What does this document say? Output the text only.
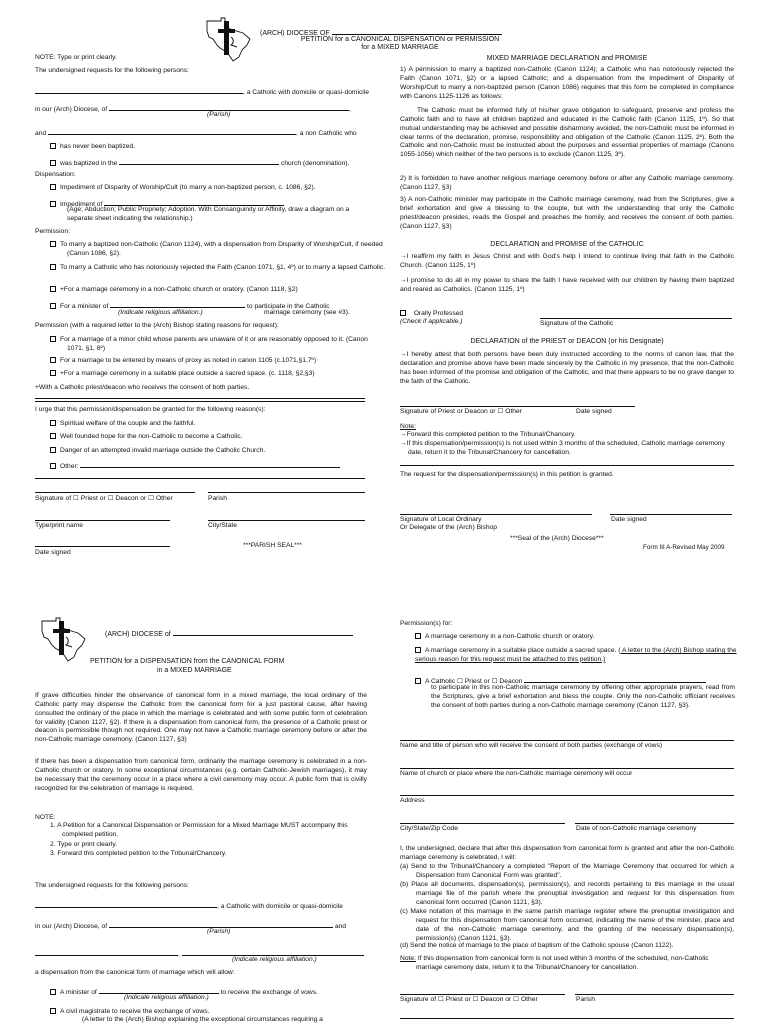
(ARCH) DIOCESE OF
PETITION for a CANONICAL DISPENSATION or PERMISSION
for a MIXED MARRIAGE
NOTE: Type or print clearly.
The undersigned requests for the following persons:
, a Catholic with domicile or quasi-domicile
in our (Arch) Diocese, of	,
(Parish)
and	, a non Catholic who
has never been baptized.
was baptized in the	church (denomination).
Dispensation:
Impediment of Disparity of Worship/Cult (to marry a non-baptized person, c. 1086, §2).
Impediment of
(Age; Abduction; Public Propriety; Adoption. With Consanguinity or Affinity, draw a diagram on a separate sheet indicating the relationship.)
Permission:
To marry a baptized non-Catholic (Canon 1124), with a dispensation from Disparity of Worship/Cult, if needed (Canon 1086, §2).
To marry a Catholic who has notoriously rejected the Faith (Canon 1071, §1, 4º) or to marry a lapsed Catholic.
+For a marriage ceremony in a non-Catholic church or oratory. (Canon 1118, §2)
For a minister of	to participate in the Catholic
(Indicate religious affiliation.)	marriage ceremony (see #3).
Permission (with a required letter to the (Arch) Bishop stating reasons for request):
For a marriage of a minor child whose parents are unaware of it or are reasonably opposed to it. (Canon 1071, §1, 6º)
For a marriage to be entered by means of proxy as noted in canon 1105 (c.1071,§1,7º)
+For a marriage ceremony in a suitable place outside a sacred space. (c. 1118, §2,§3)
+With a Catholic priest/deacon who receives the consent of both parties.
I urge that this permission/dispensation be granted for the following reason(s):
Spiritual welfare of the couple and the faithful.
Well founded hope for the non-Catholic to become a Catholic.
Danger of an attempted invalid marriage outside the Catholic Church.
Other:
Signature of ☐ Priest or ☐ Deacon or ☐ Other	Parish
Type/print name	City/State
***PARISH SEAL***
Date signed
MIXED MARRIAGE DECLARATION and PROMISE
1) A permission to marry a baptized non-Catholic (Canon 1124); a Catholic who has notoriously rejected the Faith (Canon 1071, §2) or a lapsed Catholic; and a dispensation from the Impediment of Disparity of Worship/Cult to marry a non-baptized person (Canon 1086) requires that this form be completed in compliance with Canons 1125-1126 as follows:
The Catholic must be informed fully of his/her grave obligation to safeguard, preserve and profess the Catholic faith and to have all children baptized and educated in the Catholic faith (Canon 1125, 1º). So that mutual understanding may be achieved and possible disharmony avoided, the non-Catholic must be informed in clear terms of the declaration, promise, responsibility and obligation of the Catholic (Canon 1125, 2º). Both the Catholic and non-Catholic must be instructed about the purposes and essential properties of marriage (Canons 1055-1056) which neither of the two persons is to exclude (Canon 1125, 3º).
2) It is forbidden to have another religious marriage ceremony before or after any Catholic marriage ceremony. (Canon 1127, §3)
3) A non-Catholic minister may participate in the Catholic marriage ceremony, read from the Scriptures, give a brief exhortation and give a blessing to the couple, but with the understanding that only the Catholic priest/deacon presides, reads the Gospel and preaches the homily, and receives the consent of both parties. (Canon 1127, §3)
DECLARATION and PROMISE of the CATHOLIC
→I reaffirm my faith in Jesus Christ and with God's help I intend to continue living that faith in the Catholic Church. (Canon 1125, 1º)
→I promise to do all in my power to share the faith I have received with our children by having them baptized and reared as Catholics. (Canon 1125, 1º)
Orally Professed
(Check if applicable.)	Signature of the Catholic
DECLARATION of the PRIEST or DEACON (or his Designate)
→I hereby attest that both persons have been duly instructed according to the norms of canon law, that the declaration and promise above have been made sincerely by the Catholic in my presence, that the non-Catholic has been informed of the promise and obligation of the Catholic, and that there appears to be no grave danger to the faith of the Catholic.
Signature of Priest or Deacon or ☐ Other	Date signed
Note:
→Forward this completed petition to the Tribunal/Chancery.
→If this dispensation/permission(s) is not used within 3 months of the scheduled, Catholic marriage ceremony date, return it to the Tribunal/Chancery for cancellation.
The request for the dispensation/permission(s) in this petition is granted.
Signature of Local Ordinary	Date signed
Or Delegate of the (Arch) Bishop
***Seal of the (Arch) Diocese***
Form III A-Revised May 2009
(ARCH) DIOCESE of
PETITION for a DISPENSATION from the CANONICAL FORM
in a MIXED MARRIAGE
If grave difficulties hinder the observance of canonical form in a mixed marriage, the local ordinary of the Catholic party may dispense the Catholic from the canonical form for a just pastoral cause, after having consulted the ordinary of the place in which the marriage is celebrated and with some public form of celebration for validity (Canon 1127, §2). If there is a dispensation from canonical form, the presence of a Catholic priest or deacon is permissible though not required. One may not have a Catholic marriage ceremony before or after the non-Catholic marriage ceremony. (Canon 1127, §3)
If there has been a dispensation from canonical form, ordinarily the marriage ceremony is celebrated in a non-Catholic church or oratory. In some exceptional circumstances (e.g. certain Catholic-Jewish marriages), it may be necessary that the ceremony occur in a place where a civil ceremony may occur. A public form that is civilly recognized for the celebration of marriage is required.
NOTE:
1. A Petition for a Canonical Dispensation or Permission for a Mixed Marriage MUST accompany this completed petition.
2. Type or print clearly.
3. Forward this completed petition to the Tribunal/Chancery.
The undersigned requests for the following persons:
, a Catholic with domicile or quasi-domicile
in our (Arch) Diocese, of	and
(Parish)
,
(Indicate religious affiliation.)
a dispensation from the canonical form of marriage which will allow:
A minister of	to receive the exchange of vows.
(Indicate religious affiliation.)
A civil magistrate to receive the exchange of vows.
(A letter to the (Arch) Bishop explaining the exceptional circumstances requiring a
Permission(s) for:
A marriage ceremony in a non-Catholic church or oratory.
A marriage ceremony in a suitable place outside a sacred space. ( A letter to the (Arch) Bishop stating the serious reason for this request must be attached to this petition.)
A Catholic ☐ Priest or ☐ Deacon
to participate in this non-Catholic marriage ceremony by offering other appropriate prayers, read from the Scriptures, give a brief exhortation and bless the couple. Only the non-Catholic officiant receives the consent of both parties during a non-Catholic marriage ceremony (Canon 1127, §3).
Name and title of person who will receive the consent of both parties (exchange of vows)
Name of church or place where the non-Catholic marriage ceremony will occur
Address
City/State/Zip Code	Date of non-Catholic marriage ceremony
I, the undersigned, declare that after this dispensation from canonical form is granted and after the non-Catholic marriage ceremony is celebrated, I will:
(a) Send to the Tribunal/Chancery a completed "Report of the Marriage Ceremony that occurred for which a Dispensation from Canonical Form was granted".
(b) Place all documents, dispensation(s), permission(s), and records pertaining to this marriage in the usual marriage file of the parish where the prenuptial investigation and request for this dispensation from canonical form occurred (Canon 1121, §3).
(c) Make notation of this marriage in the same parish marriage register where the prenuptial investigation and request for this dispensation from canonical form occurred, indicating the name of the minister, place and date of the non-Catholic marriage ceremony, and the granting of the necessary dispensation(s), permission(s) (Canon 1121, §3).
(d) Send the notice of marriage to the place of baptism of the Catholic spouse (Canon 1122).
Note: If this dispensation from canonical form is not used within 3 months of the scheduled, non-Catholic marriage ceremony date, return it to the Tribunal/Chancery for cancellation.
Signature of ☐ Priest or ☐ Deacon or ☐ Other	Parish
